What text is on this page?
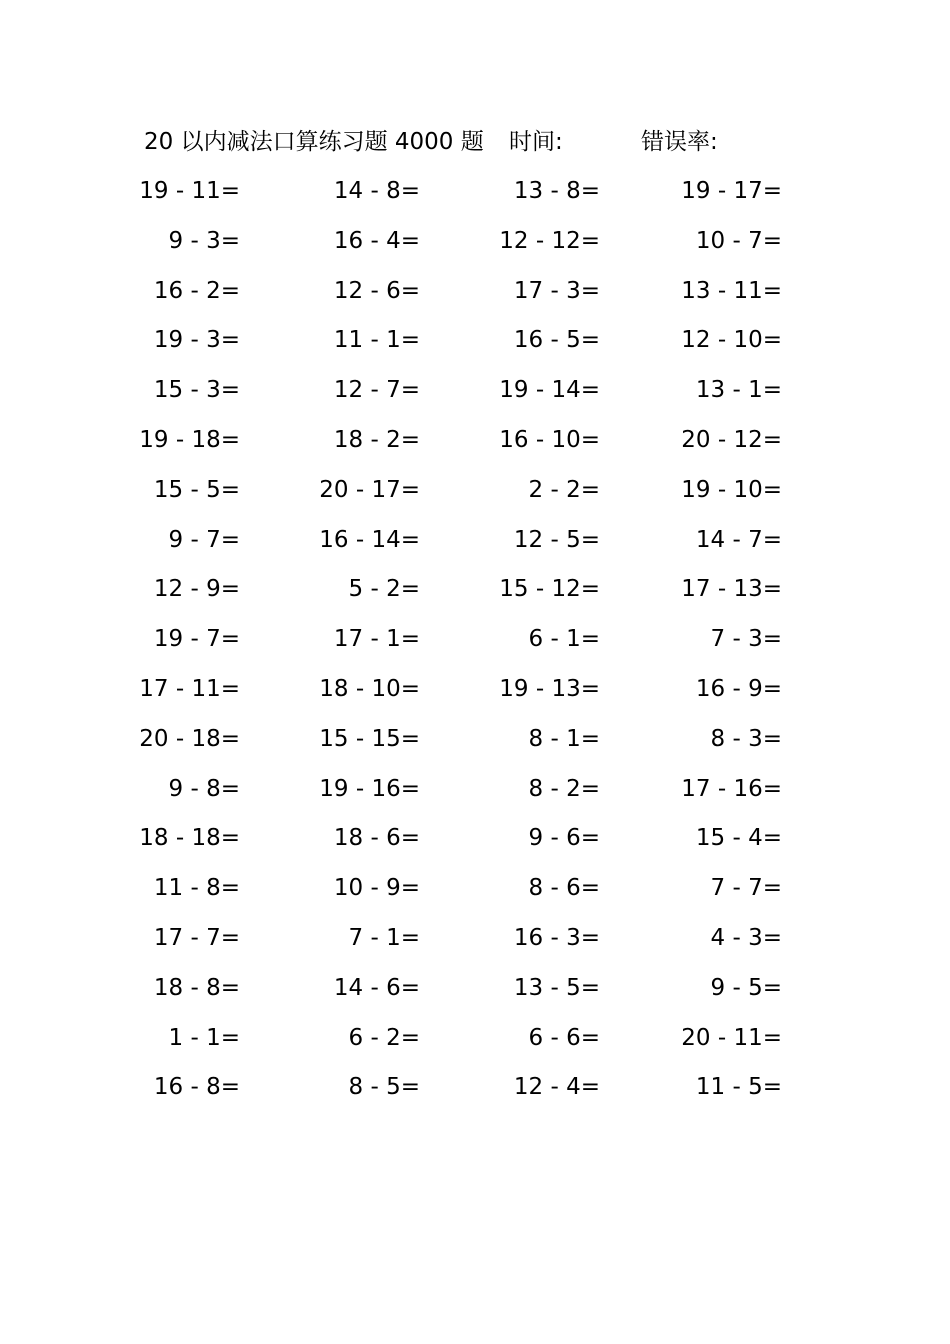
20 以内减法口算练习题 4000 题 时间:	错误率:
19 - 11=	14 - 8=	13 - 8=	19 - 17=
9 - 3=	16 - 4=	12 - 12=	10 - 7=
16 - 2=	12 - 6=	17 - 3=	13 - 11=
19 - 3=	11 - 1=	16 - 5=	12 - 10=
15 - 3=	12 - 7=	19 - 14=	13 - 1=
19 - 18=	18 - 2=	16 - 10=	20 - 12=
15 - 5=	20 - 17=	2 - 2=	19 - 10=
9 - 7=	16 - 14=	12 - 5=	14 - 7=
12 - 9=	5 - 2=	15 - 12=	17 - 13=
19 - 7=	17 - 1=	6 - 1=	7 - 3=
17 - 11=	18 - 10=	19 - 13=	16 - 9=
20 - 18=	15 - 15=	8 - 1=	8 - 3=
9 - 8=	19 - 16=	8 - 2=	17 - 16=
18 - 18=	18 - 6=	9 - 6=	15 - 4=
11 - 8=	10 - 9=	8 - 6=	7 - 7=
17 - 7=	7 - 1=	16 - 3=	4 - 3=
18 - 8=	14 - 6=	13 - 5=	9 - 5=
1 - 1=	6 - 2=	6 - 6=	20 - 11=
16 - 8=	8 - 5=	12 - 4=	11 - 5=
